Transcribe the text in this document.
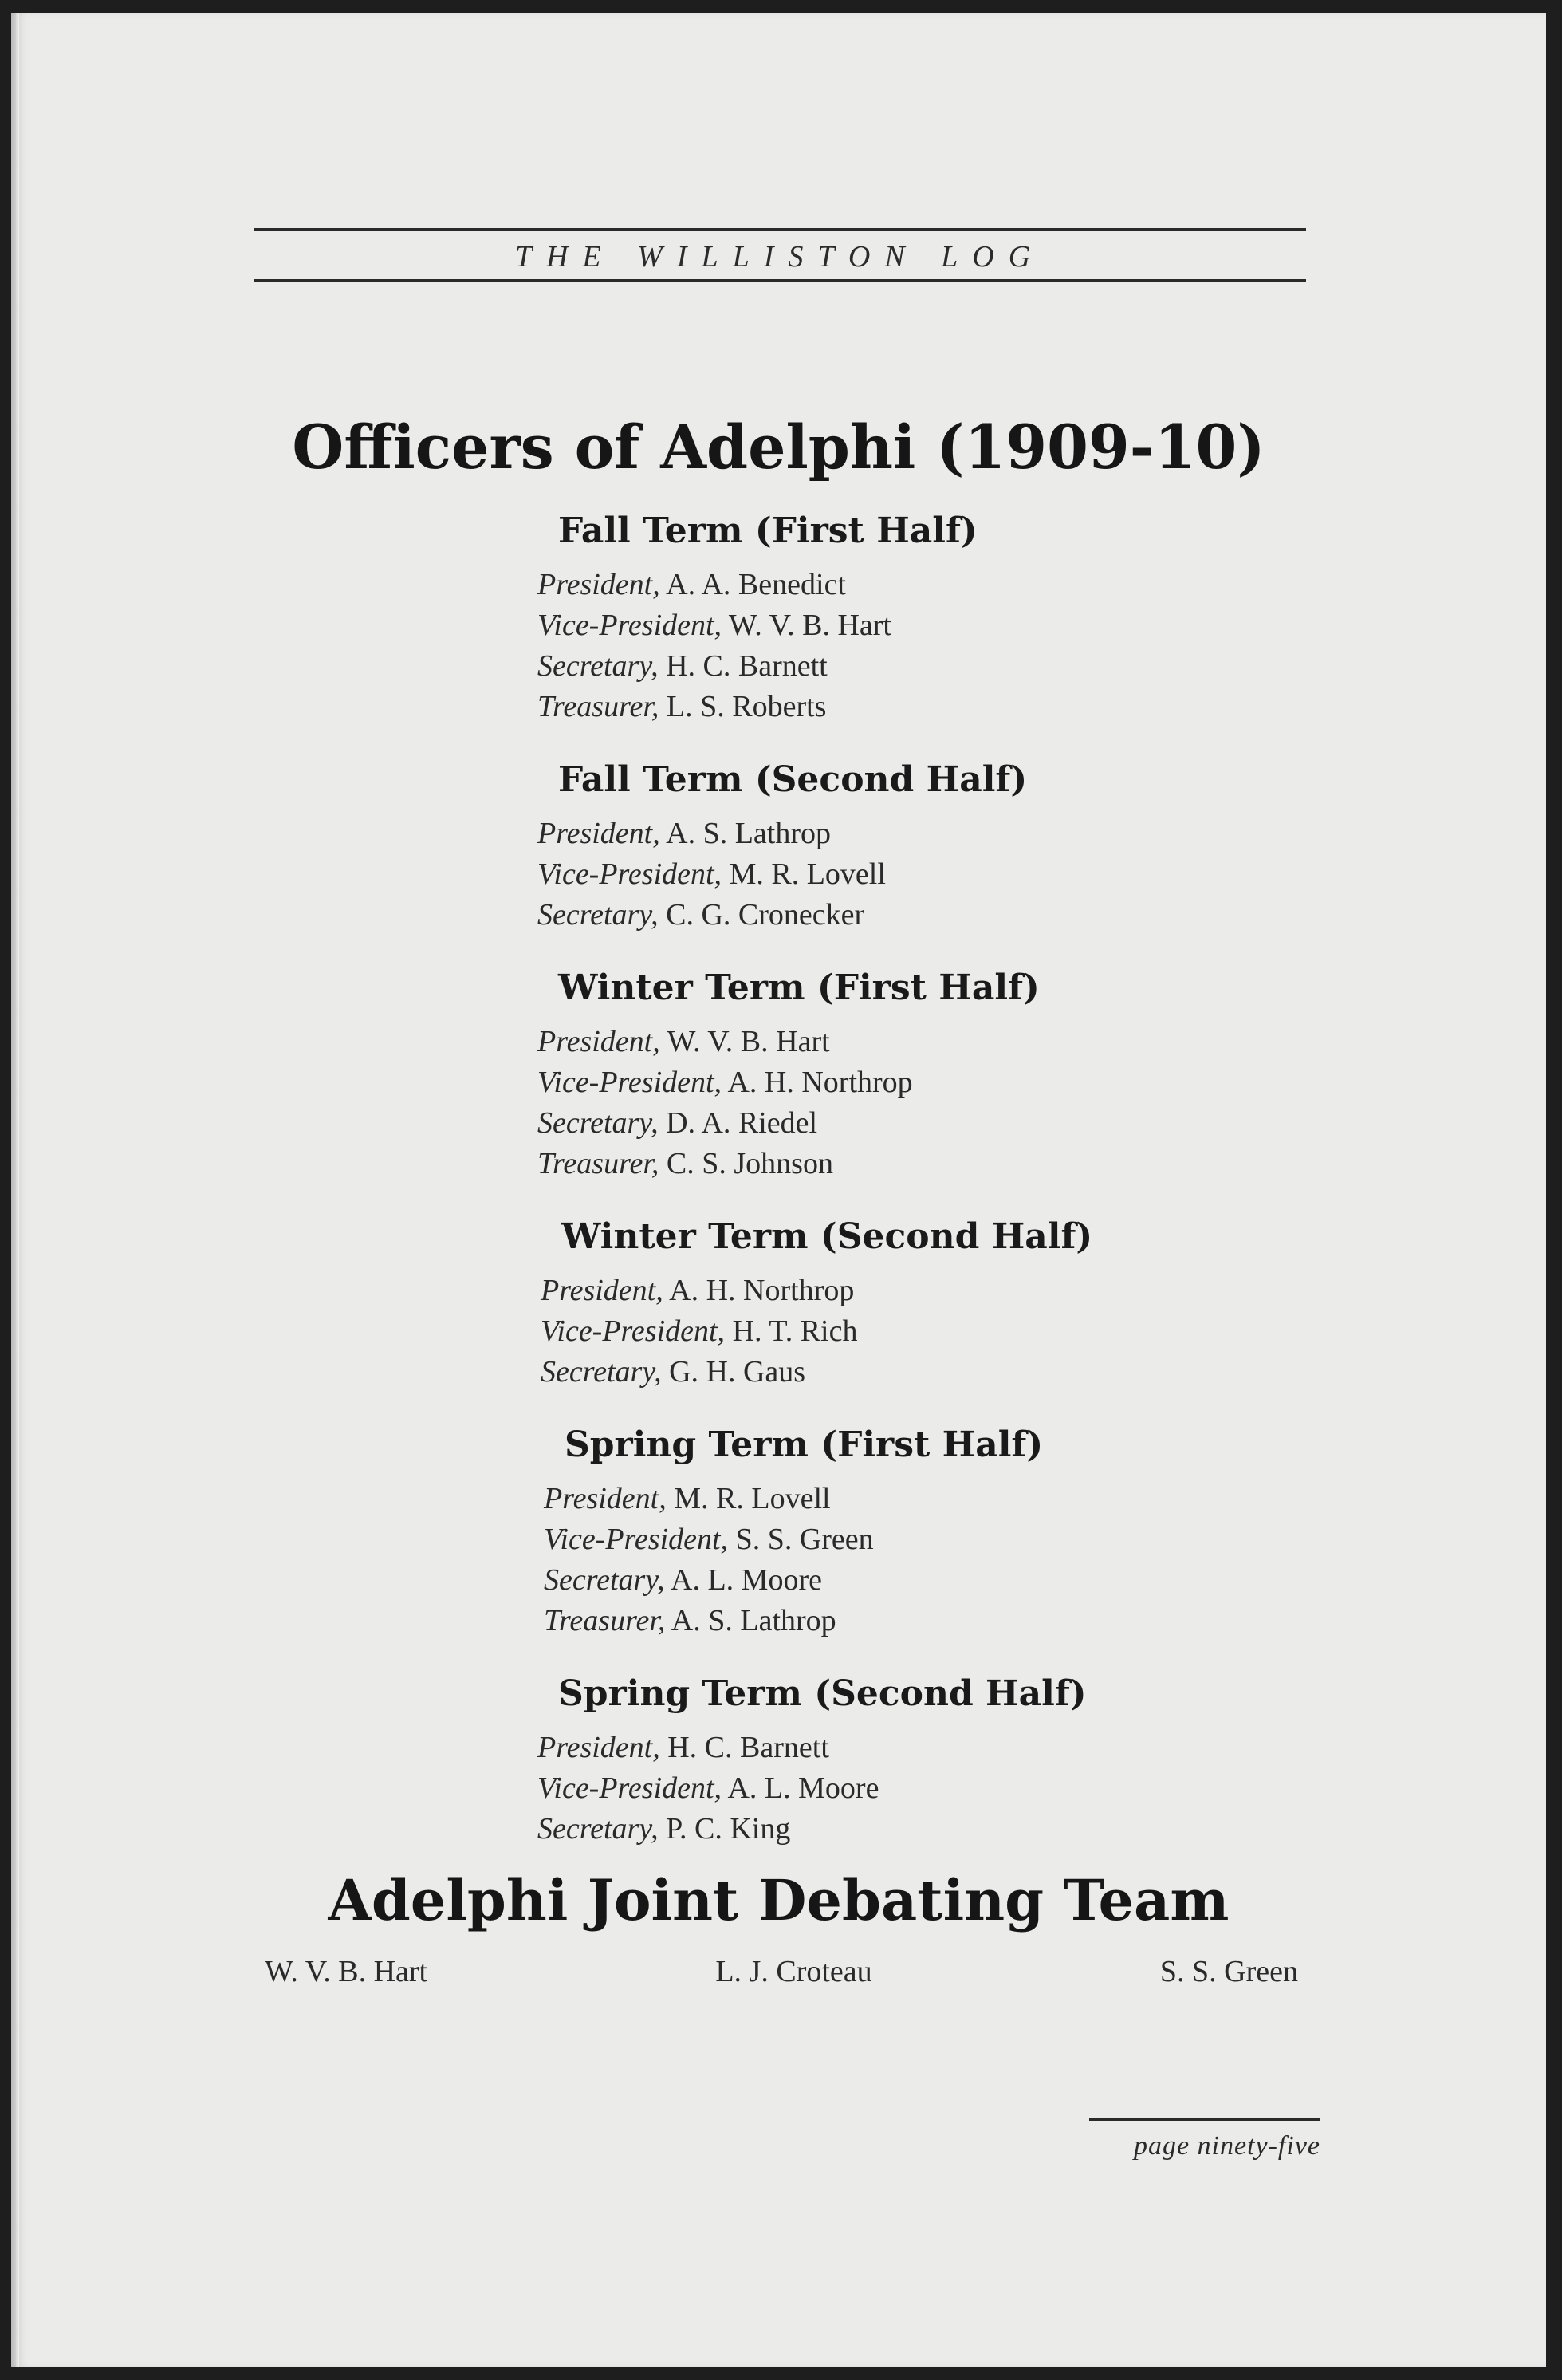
THE WILLISTON LOG

Officers of Adelphi (1909-10)
Fall Term (First Half)

President, A. A. Benedict

Vice-President, W. V. B. Hart

Secretary, H. C. Barnett

Treasurer, L. S. Roberts

Fall Term (Second Half)

President, A. S. Lathrop

Vice-President, M. R. Lovell

Secretary, C. G. Cronecker

Winter Term (First Half)

President, W. V. B. Hart

Vice-President, A. H. Northrop

Secretary, D. A. Riedel

Treasurer, C. S. Johnson

Winter Term (Second Half)

President, A. H. Northrop

Vice-President, H. T. Rich

Secretary, G. H. Gaus

Spring Term (First Half)

President, M. R. Lovell

Vice-President, S. S. Green

Secretary, A. L. Moore

Treasurer, A. S. Lathrop

Spring Term (Second Half)

President, H. C. Barnett

Vice-President, A. L. Moore

Secretary, P. C. King

Adelphi Joint Debating Team
W. V. B. Hart	L. J. Croteau	S. S. Green

page ninety-five
